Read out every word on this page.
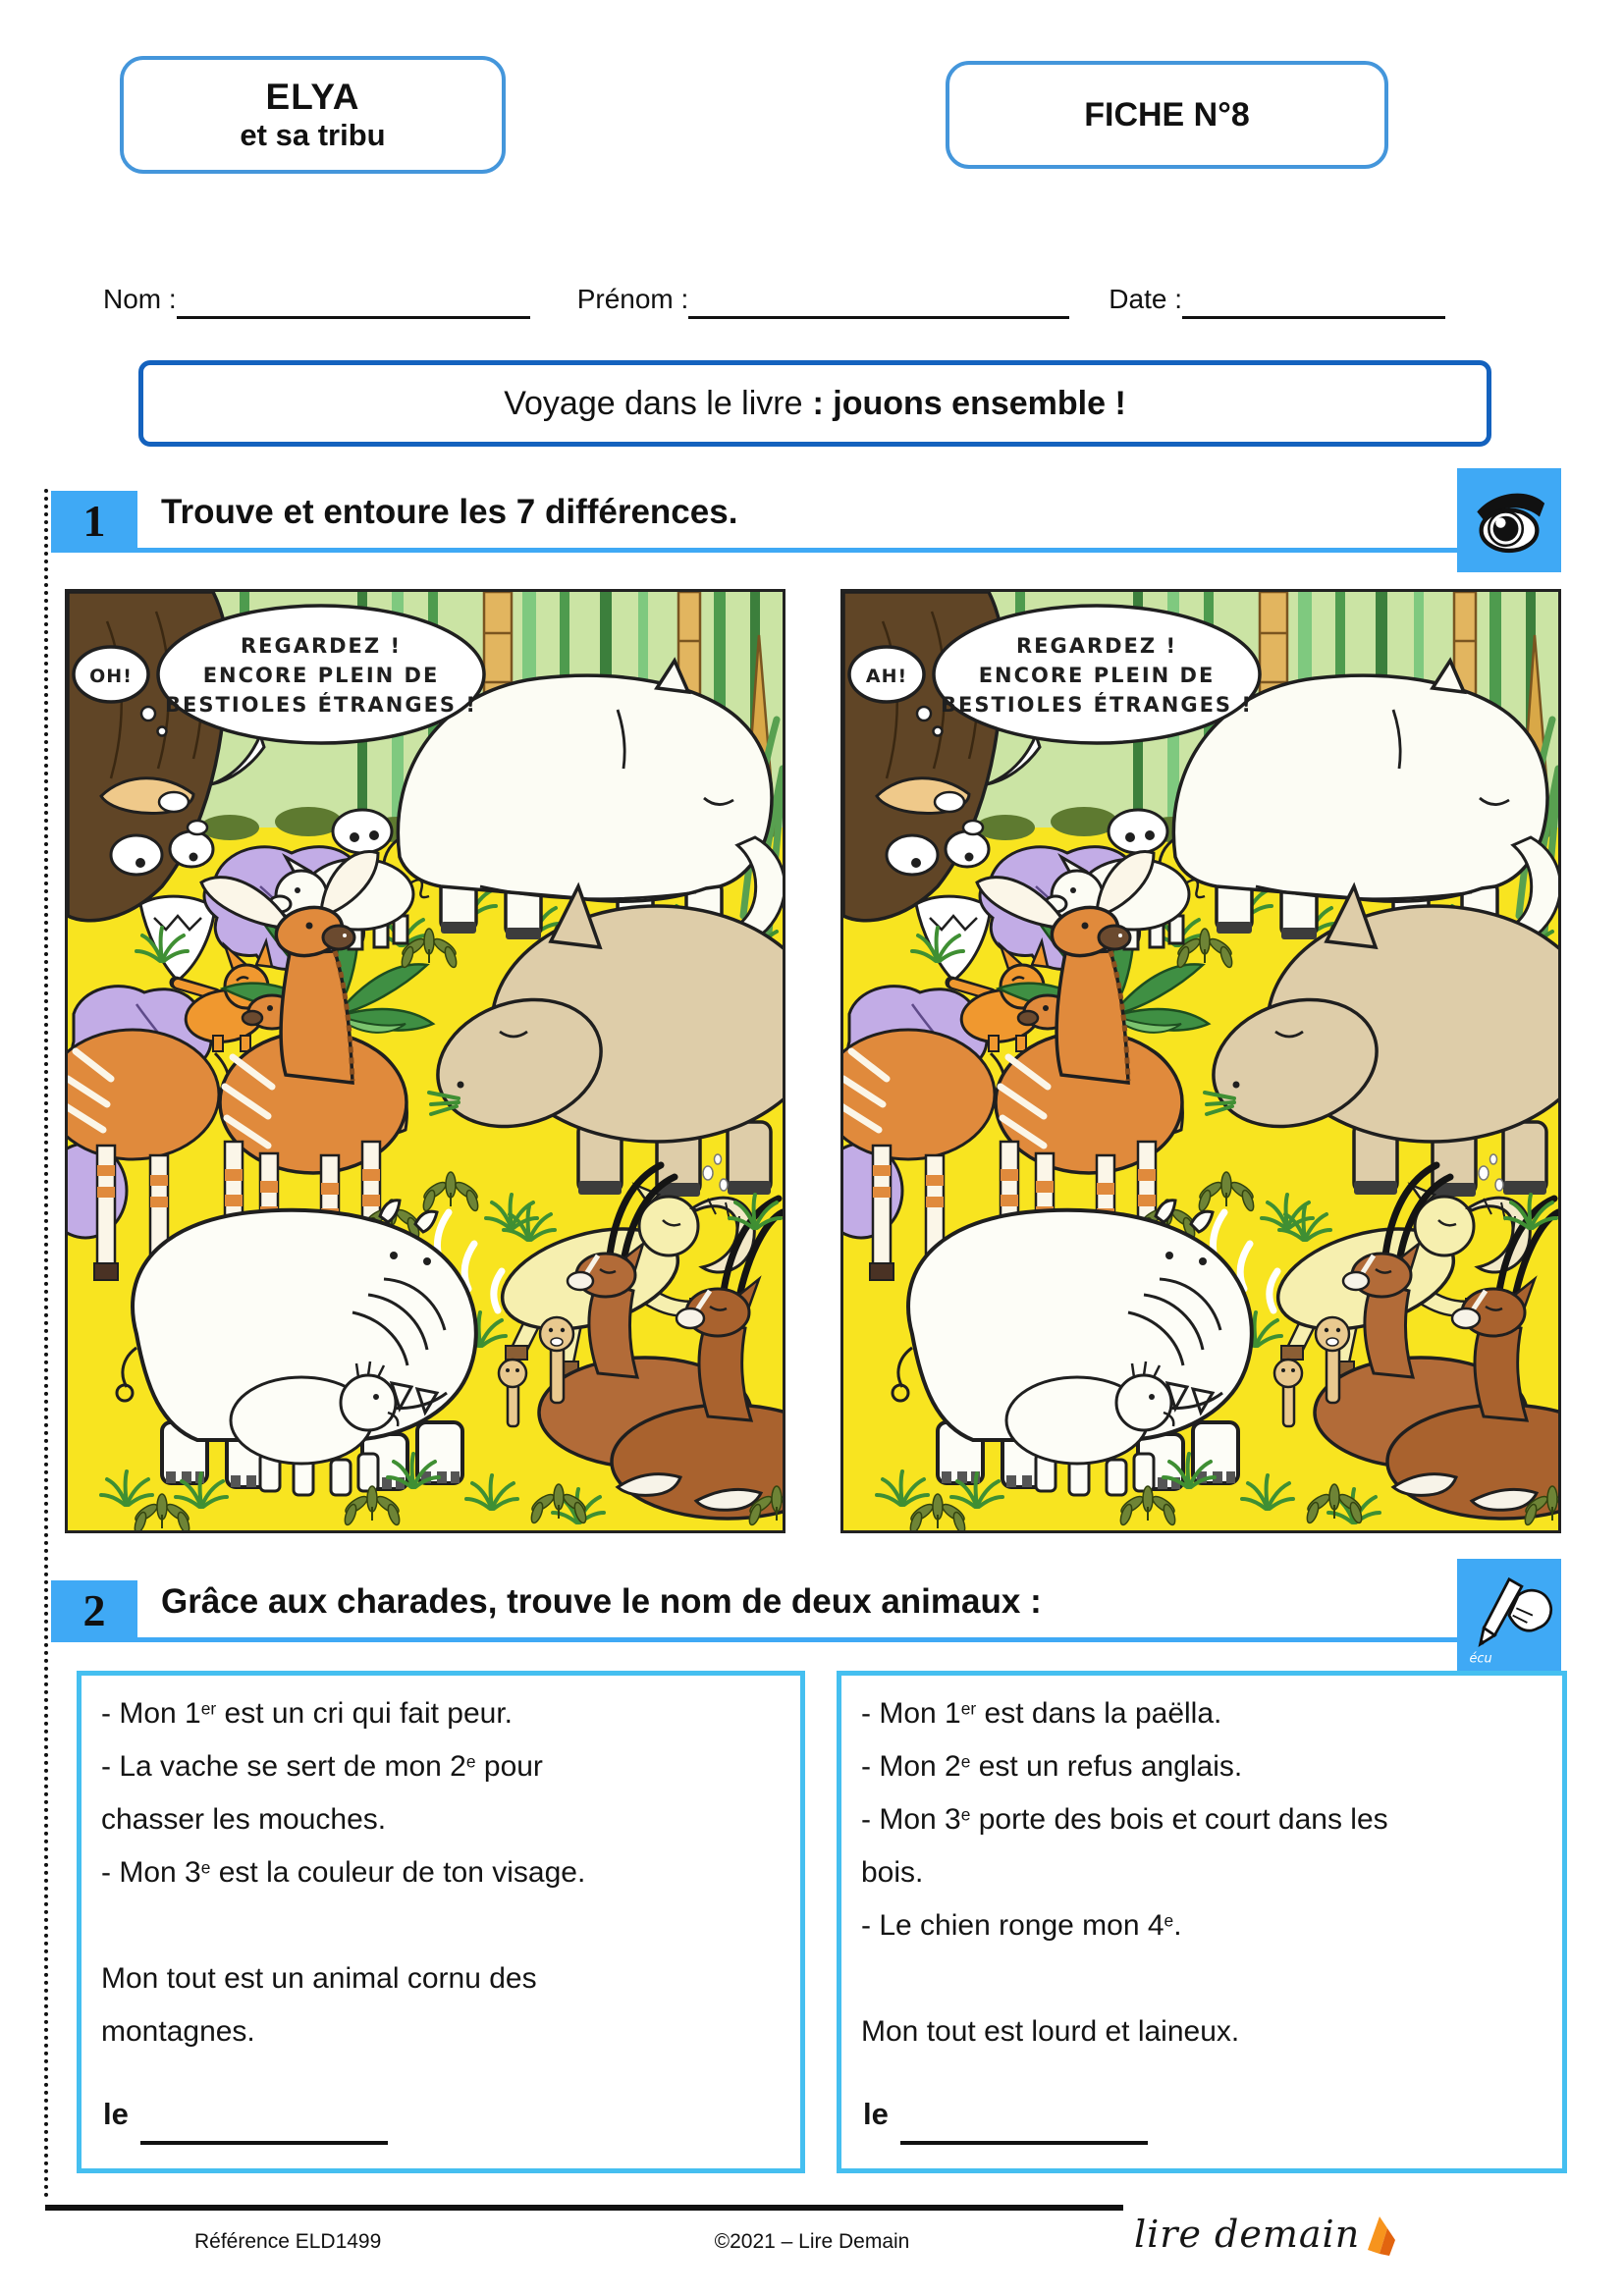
ELYA
et sa tribu
FICHE N°8
Nom :	Prénom :	Date :
Voyage dans le livre : jouons ensemble !
1	Trouve et entoure les 7 différences.
REGARDEZ !
ENCORE PLEIN DE
BESTIOLES ÉTRANGES !
OH!
REGARDEZ !
ENCORE PLEIN DE
BESTIOLES ÉTRANGES !
AH!
2	Grâce aux charades, trouve le nom de deux animaux :
écu
- Mon 1er est un cri qui fait peur.
- La vache se sert de mon 2e pour
chasser les mouches.
- Mon 3e est la couleur de ton visage.

Mon tout est un animal cornu des
montagnes.
le
- Mon 1er est dans la paëlla.
- Mon 2e est un refus anglais.
- Mon 3e porte des bois et court dans les
bois.
- Le chien ronge mon 4e.

Mon tout est lourd et laineux.
le
Référence ELD1499	©2021 – Lire Demain	lire demain
